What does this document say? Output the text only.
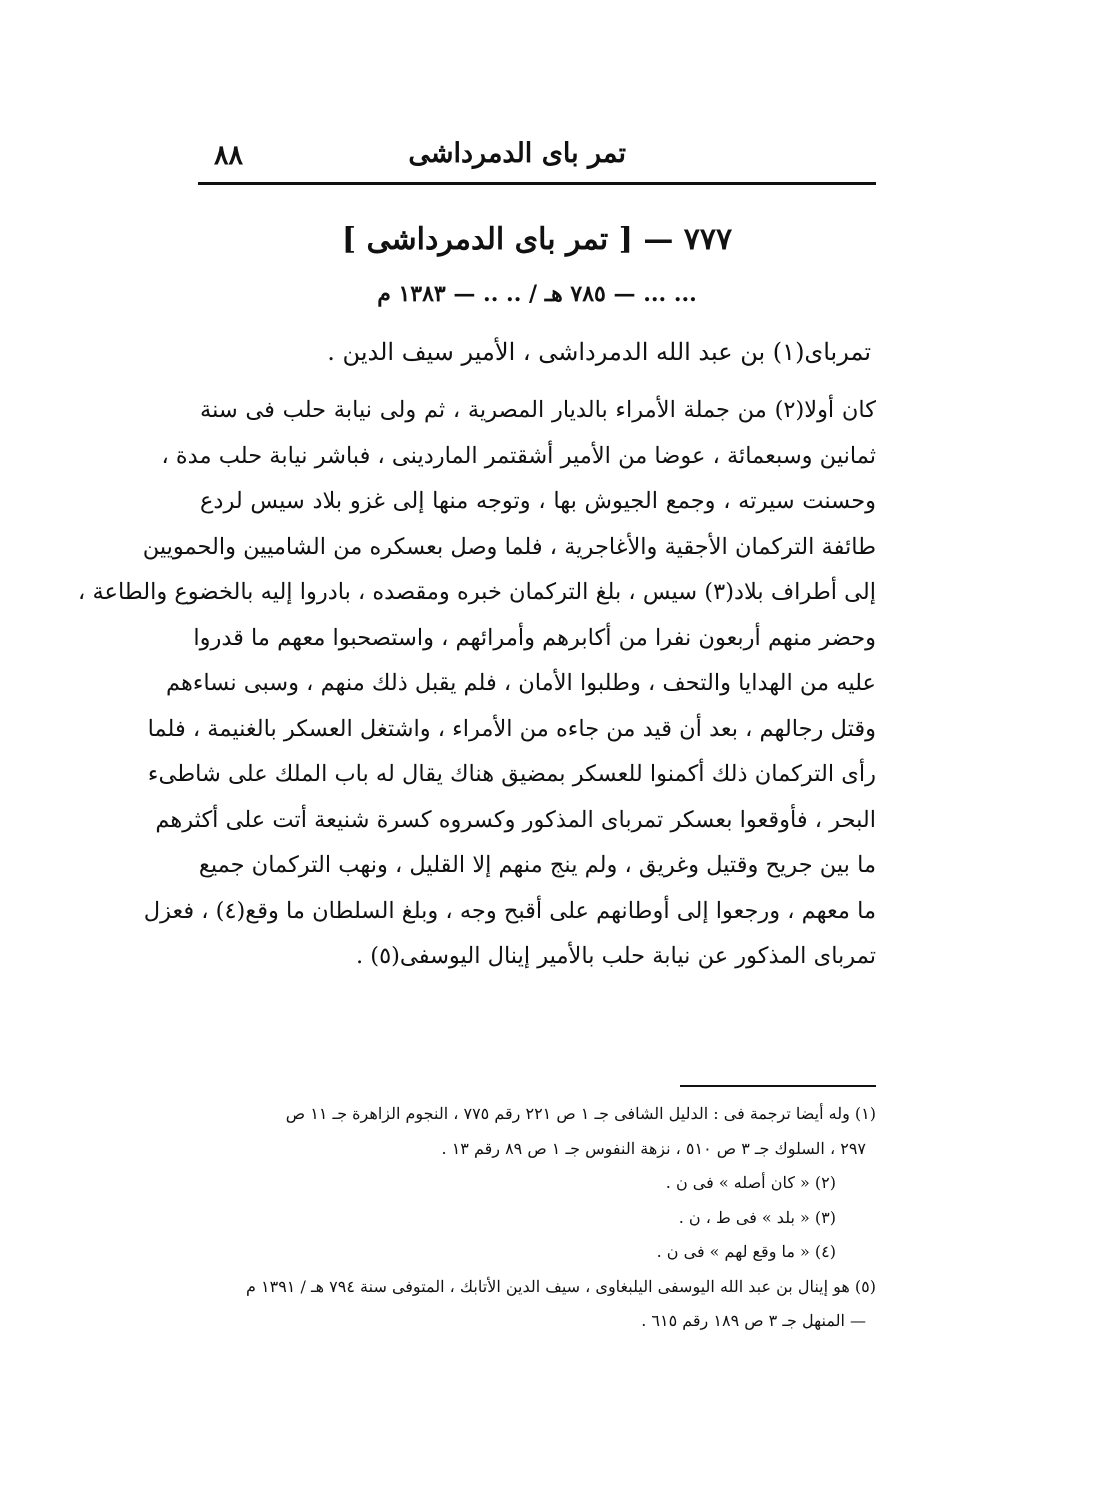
٨٨	تمر باى الدمرداشى
٧٧٧ — [ تمر باى الدمرداشى ]
... ... — ٧٨٥ هـ / .. .. — ١٣٨٣ م
تمرباى(١) بن عبد الله الدمرداشى ، الأمير سيف الدين .
كان أولا(٢) من جملة الأمراء بالديار المصرية ، ثم ولى نيابة حلب فى سنة
ثمانين وسبعمائة ، عوضا من الأمير أشقتمر الماردينى ، فباشر نيابة حلب مدة ،
وحسنت سيرته ، وجمع الجيوش بها ، وتوجه منها إلى غزو بلاد سيس لردع
طائفة التركمان الأجقية والأغاجرية ، فلما وصل بعسكره من الشاميين والحمويين
إلى أطراف بلاد(٣) سيس ، بلغ التركمان خبره ومقصده ، بادروا إليه بالخضوع والطاعة ،
وحضر منهم أربعون نفرا من أكابرهم وأمرائهم ، واستصحبوا معهم ما قدروا
عليه من الهدايا والتحف ، وطلبوا الأمان ، فلم يقبل ذلك منهم ، وسبى نساءهم
وقتل رجالهم ، بعد أن قيد من جاءه من الأمراء ، واشتغل العسكر بالغنيمة ، فلما
رأى التركمان ذلك أكمنوا للعسكر بمضيق هناك يقال له باب الملك على شاطىء
البحر ، فأوقعوا بعسكر تمرباى المذكور وكسروه كسرة شنيعة أتت على أكثرهم
ما بين جريح وقتيل وغريق ، ولم ينج منهم إلا القليل ، ونهب التركمان جميع
ما معهم ، ورجعوا إلى أوطانهم على أقبح وجه ، وبلغ السلطان ما وقع(٤) ، فعزل
تمرباى المذكور عن نيابة حلب بالأمير إينال اليوسفى(٥) .
(١) وله أيضا ترجمة فى : الدليل الشافى جـ ١ ص ٢٢١ رقم ٧٧٥ ، النجوم الزاهرة جـ ١١ ص
٢٩٧ ، السلوك جـ ٣ ص ٥١٠ ، نزهة النفوس جـ ١ ص ٨٩ رقم ١٣ .
(٢) « كان أصله » فى ن .
(٣) « بلد » فى ط ، ن .
(٤) « ما وقع لهم » فى ن .
(٥) هو إينال بن عبد الله اليوسفى اليلبغاوى ، سيف الدين الأتابك ، المتوفى سنة ٧٩٤ هـ / ١٣٩١ م
— المنهل جـ ٣ ص ١٨٩ رقم ٦١٥ .
